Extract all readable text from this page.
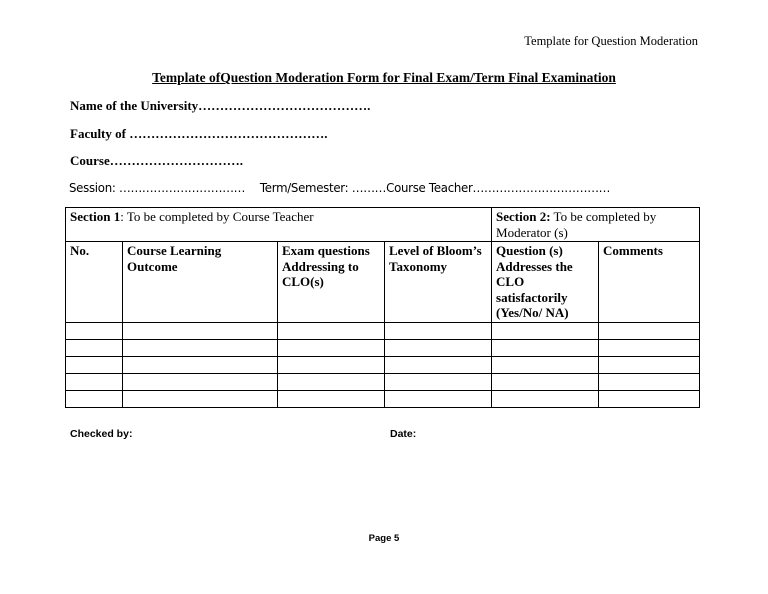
Template for Question Moderation
Template ofQuestion Moderation Form for Final Exam/Term Final Examination
Name of the University………………………………….
Faculty of ……………………………………….
Course………………………….
Session: …………………………… Term/Semester: ………Course Teacher………………………………
Section 1: To be completed by Course Teacher				Section 2: To be completed by Moderator (s)	
No.	Course Learning Outcome	Exam questions Addressing to CLO(s)	Level of Bloom’s Taxonomy	Question (s) Addresses the CLO satisfactorily (Yes/No/ NA)	Comments

Checked by:	Date:
Page 5
